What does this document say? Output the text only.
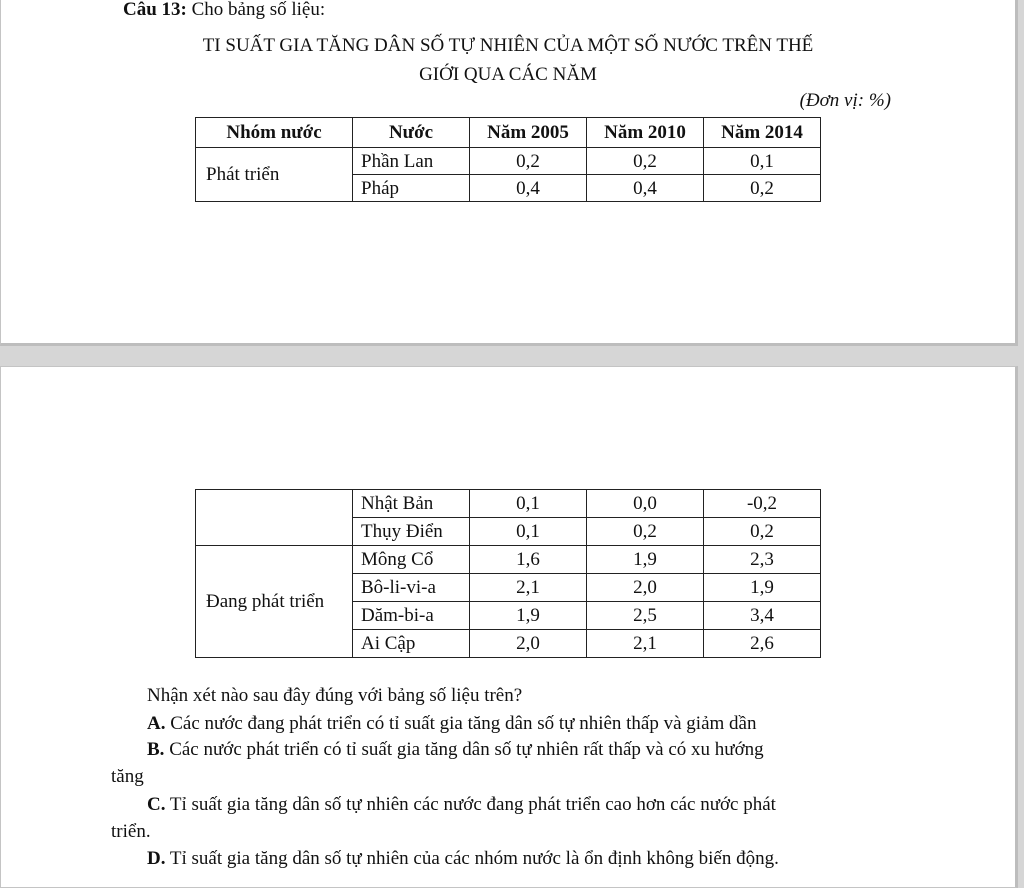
Câu 13: Cho bảng số liệu:
TI SUẤT GIA TĂNG DÂN SỐ TỰ NHIÊN CỦA MỘT SỐ NƯỚC TRÊN THẾ
GIỚI QUA CÁC NĂM
(Đơn vị: %)
Nhóm nước	Nước	Năm 2005	Năm 2010	Năm 2014
Phát triển	Phần Lan	0,2	0,2	0,1
	Pháp	0,4	0,4	0,2
	Nhật Bản	0,1	0,0	-0,2
	Thụy Điển	0,1	0,2	0,2
Đang phát triển	Mông Cổ	1,6	1,9	2,3
	Bô-li-vi-a	2,1	2,0	1,9
	Dăm-bi-a	1,9	2,5	3,4
	Ai Cập	2,0	2,1	2,6
Nhận xét nào sau đây đúng với bảng số liệu trên?
A. Các nước đang phát triển có tỉ suất gia tăng dân số tự nhiên thấp và giảm dần
B. Các nước phát triển có tỉ suất gia tăng dân số tự nhiên rất thấp và có xu hướng
tăng
C. Tỉ suất gia tăng dân số tự nhiên các nước đang phát triển cao hơn các nước phát
triển.
D. Tỉ suất gia tăng dân số tự nhiên của các nhóm nước là ổn định không biến động.
